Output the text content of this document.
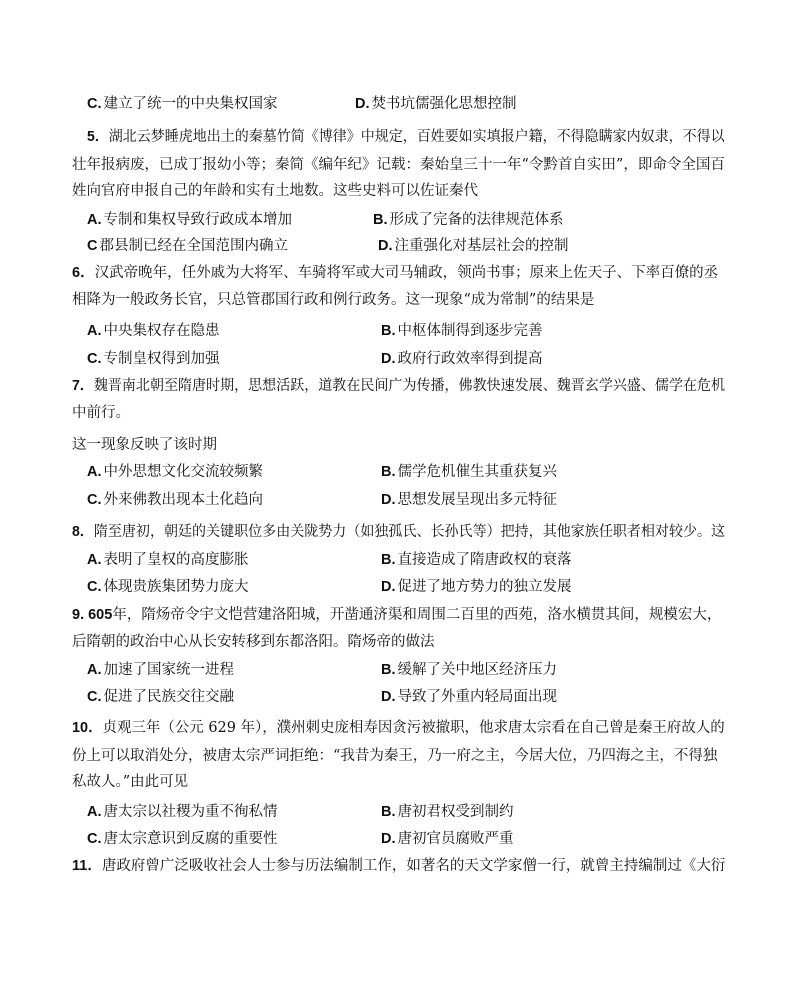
C. 建立了统一的中央集权国家	D. 焚书坑儒强化思想控制
5．湖北云梦睡虎地出土的秦墓竹简《博律》中规定，百姓要如实填报户籍，不得隐瞒家内奴隶，不得以
壮年报病废，已成丁报幼小等；秦简《编年纪》记载：秦始皇三十一年“令黔首自实田”，即命令全国百
姓向官府申报自己的年龄和实有土地数。这些史料可以佐证秦代
A. 专制和集权导致行政成本增加	B. 形成了完备的法律规范体系
C 郡县制已经在全国范围内确立	D. 注重强化对基层社会的控制
6．汉武帝晚年，任外戚为大将军、车骑将军或大司马辅政，领尚书事；原来上佐天子、下率百僚的丞
相降为一般政务长官，只总管郡国行政和例行政务。这一现象“成为常制”的结果是
A. 中央集权存在隐患	B. 中枢体制得到逐步完善
C. 专制皇权得到加强	D. 政府行政效率得到提高
7．魏晋南北朝至隋唐时期，思想活跃，道教在民间广为传播，佛教快速发展、魏晋玄学兴盛、儒学在危机
中前行。
这一现象反映了该时期
A. 中外思想文化交流较频繁	B. 儒学危机催生其重获复兴
C. 外来佛教出现本土化趋向	D. 思想发展呈现出多元特征
8．隋至唐初，朝廷的关键职位多由关陇势力（如独孤氏、长孙氏等）把持，其他家族任职者相对较少。这
A. 表明了皇权的高度膨胀	B. 直接造成了隋唐政权的衰落
C. 体现贵族集团势力庞大	D. 促进了地方势力的独立发展
9. 605年，隋炀帝令宇文恺营建洛阳城，开凿通济渠和周围二百里的西苑，洛水横贯其间，规模宏大，
后隋朝的政治中心从长安转移到东都洛阳。隋炀帝的做法
A. 加速了国家统一进程	B. 缓解了关中地区经济压力
C. 促进了民族交往交融	D. 导致了外重内轻局面出现
10．贞观三年（公元 629 年），濮州刺史庞相寿因贪污被撤职，他求唐太宗看在自己曾是秦王府故人的
份上可以取消处分，被唐太宗严词拒绝：“我昔为秦王，乃一府之主，今居大位，乃四海之主，不得独
私故人。”由此可见
A. 唐太宗以社稷为重不徇私情	B. 唐初君权受到制约
C. 唐太宗意识到反腐的重要性	D. 唐初官员腐败严重
11．唐政府曾广泛吸收社会人士参与历法编制工作，如著名的天文学家僧一行，就曾主持编制过《大衍
